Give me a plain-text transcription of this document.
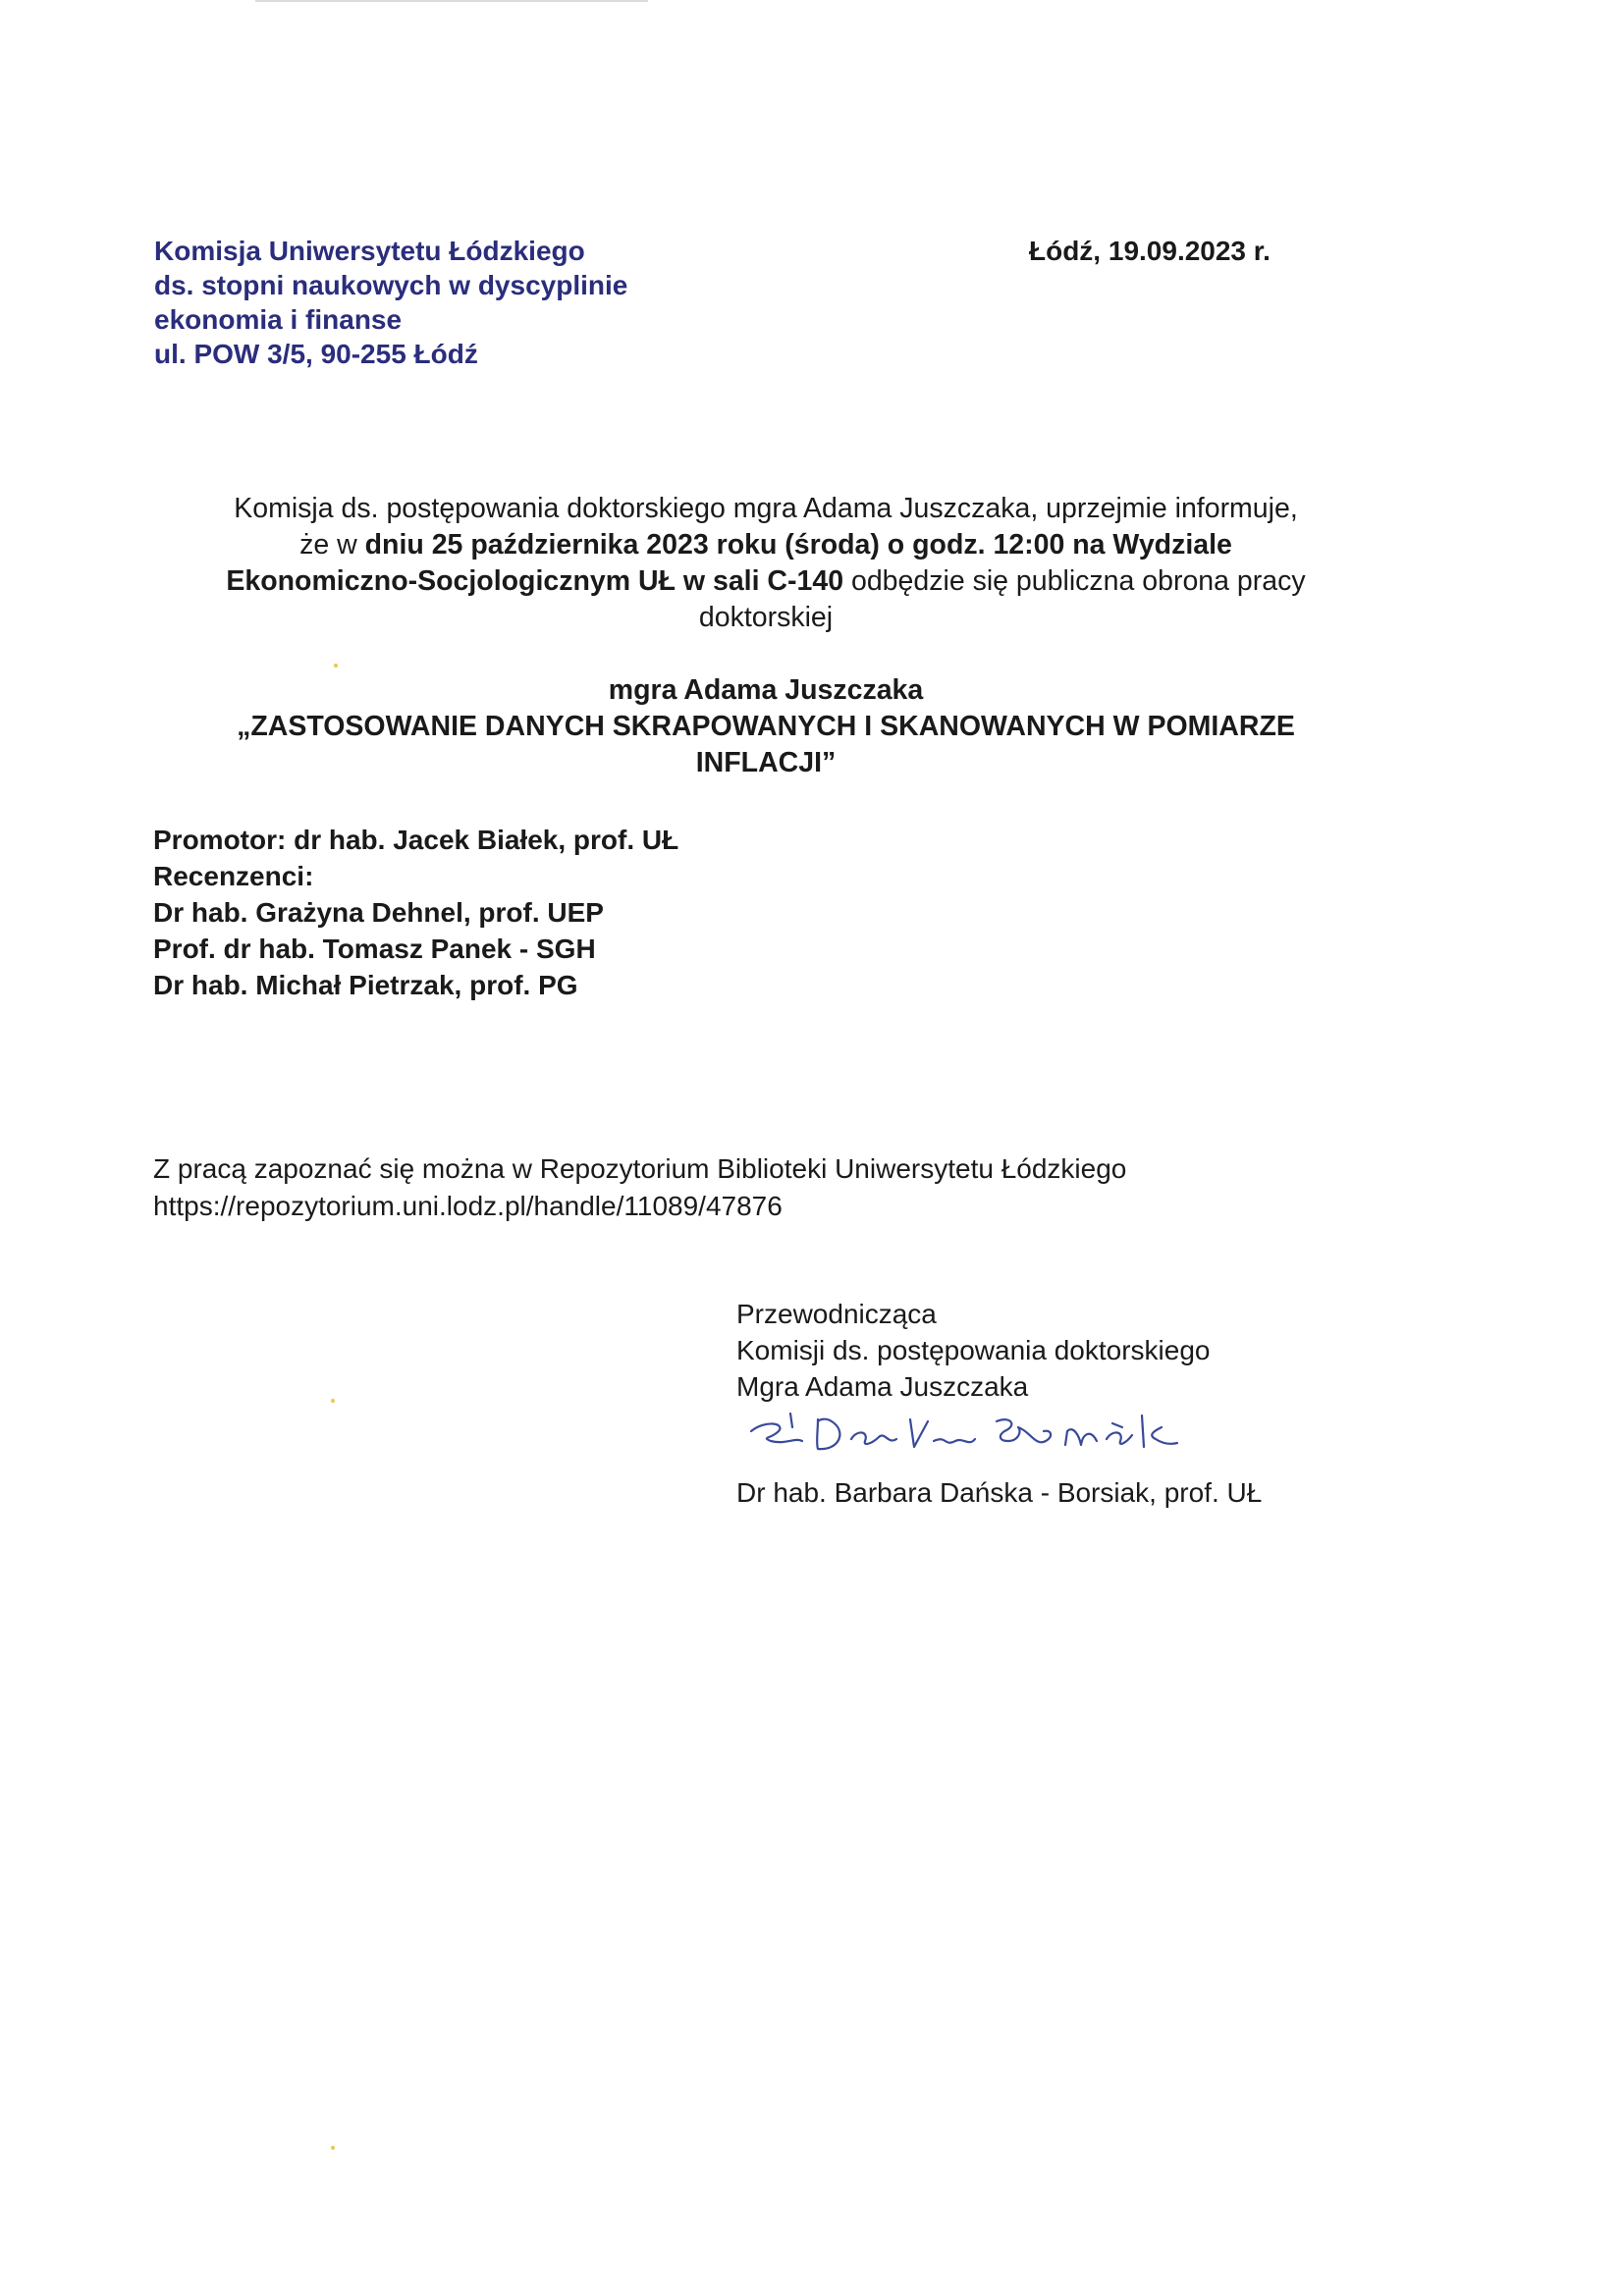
Komisja Uniwersytetu Łódzkiego
ds. stopni naukowych w dyscyplinie
ekonomia i finanse
ul. POW 3/5, 90-255 Łódź
Łódź, 19.09.2023 r.
Komisja ds. postępowania doktorskiego mgra Adama Juszczaka, uprzejmie informuje,
że w dniu 25 października 2023 roku (środa) o godz. 12:00 na Wydziale
Ekonomiczno-Socjologicznym UŁ w sali C-140 odbędzie się publiczna obrona pracy
doktorskiej
mgra Adama Juszczaka
„ZASTOSOWANIE DANYCH SKRAPOWANYCH I SKANOWANYCH W POMIARZE
INFLACJI”
Promotor: dr hab. Jacek Białek, prof. UŁ
Recenzenci:
Dr hab. Grażyna Dehnel, prof. UEP
Prof. dr hab. Tomasz Panek - SGH
Dr hab. Michał Pietrzak, prof. PG
Z pracą zapoznać się można w Repozytorium Biblioteki Uniwersytetu Łódzkiego
https://repozytorium.uni.lodz.pl/handle/11089/47876
Przewodnicząca
Komisji ds. postępowania doktorskiego
Mgra Adama Juszczaka
Dr hab. Barbara Dańska - Borsiak, prof. UŁ
